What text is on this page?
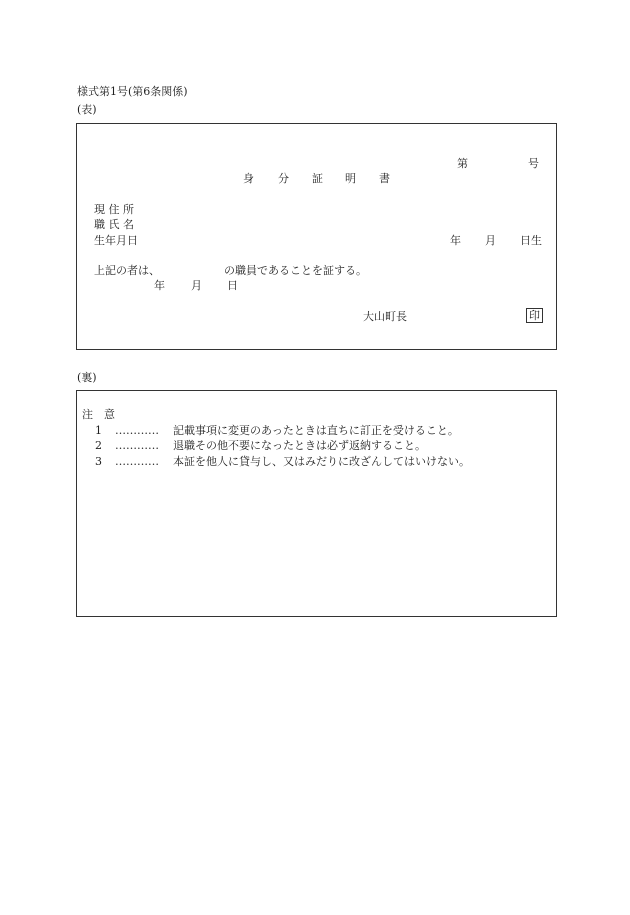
様式第1号(第6条関係)
(表)
第	号
身 分 証 明 書
現 住 所
職 氏 名
生年月日	年 月 日生
上記の者は、	の職員であることを証する。
年 月 日
大山町長	印
(裏)
注　意
1 ………… 記載事項に変更のあったときは直ちに訂正を受けること。
2 ………… 退職その他不要になったときは必ず返納すること。
3 ………… 本証を他人に貸与し、又はみだりに改ざんしてはいけない。
